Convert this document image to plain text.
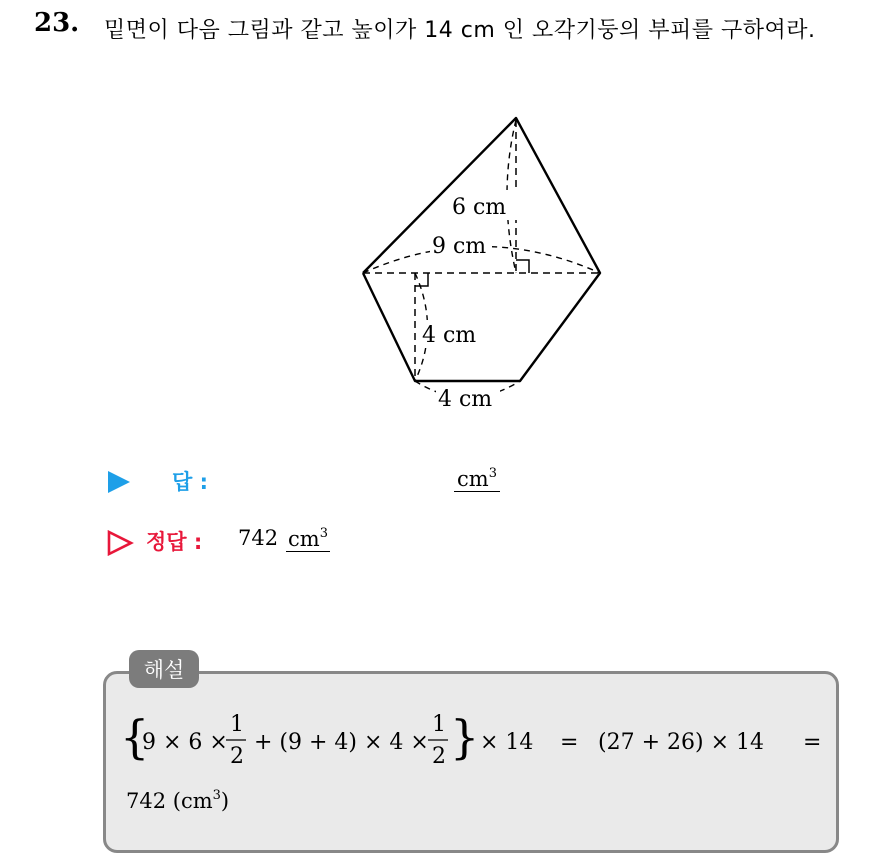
23. 밑면이 다음 그림과 같고 높이가 14 cm 인 오각기둥의 부피를 구하여라.
6 cm
9 cm
4 cm
4 cm
답 :	$cm^3$
정답 : 742 $cm^3$
해설
{
9 × 6 ×
1
2
+ (9 + 4) × 4 ×
1
2 } × 14 = (27 + 26) × 14 =
742 $(cm^3)$
